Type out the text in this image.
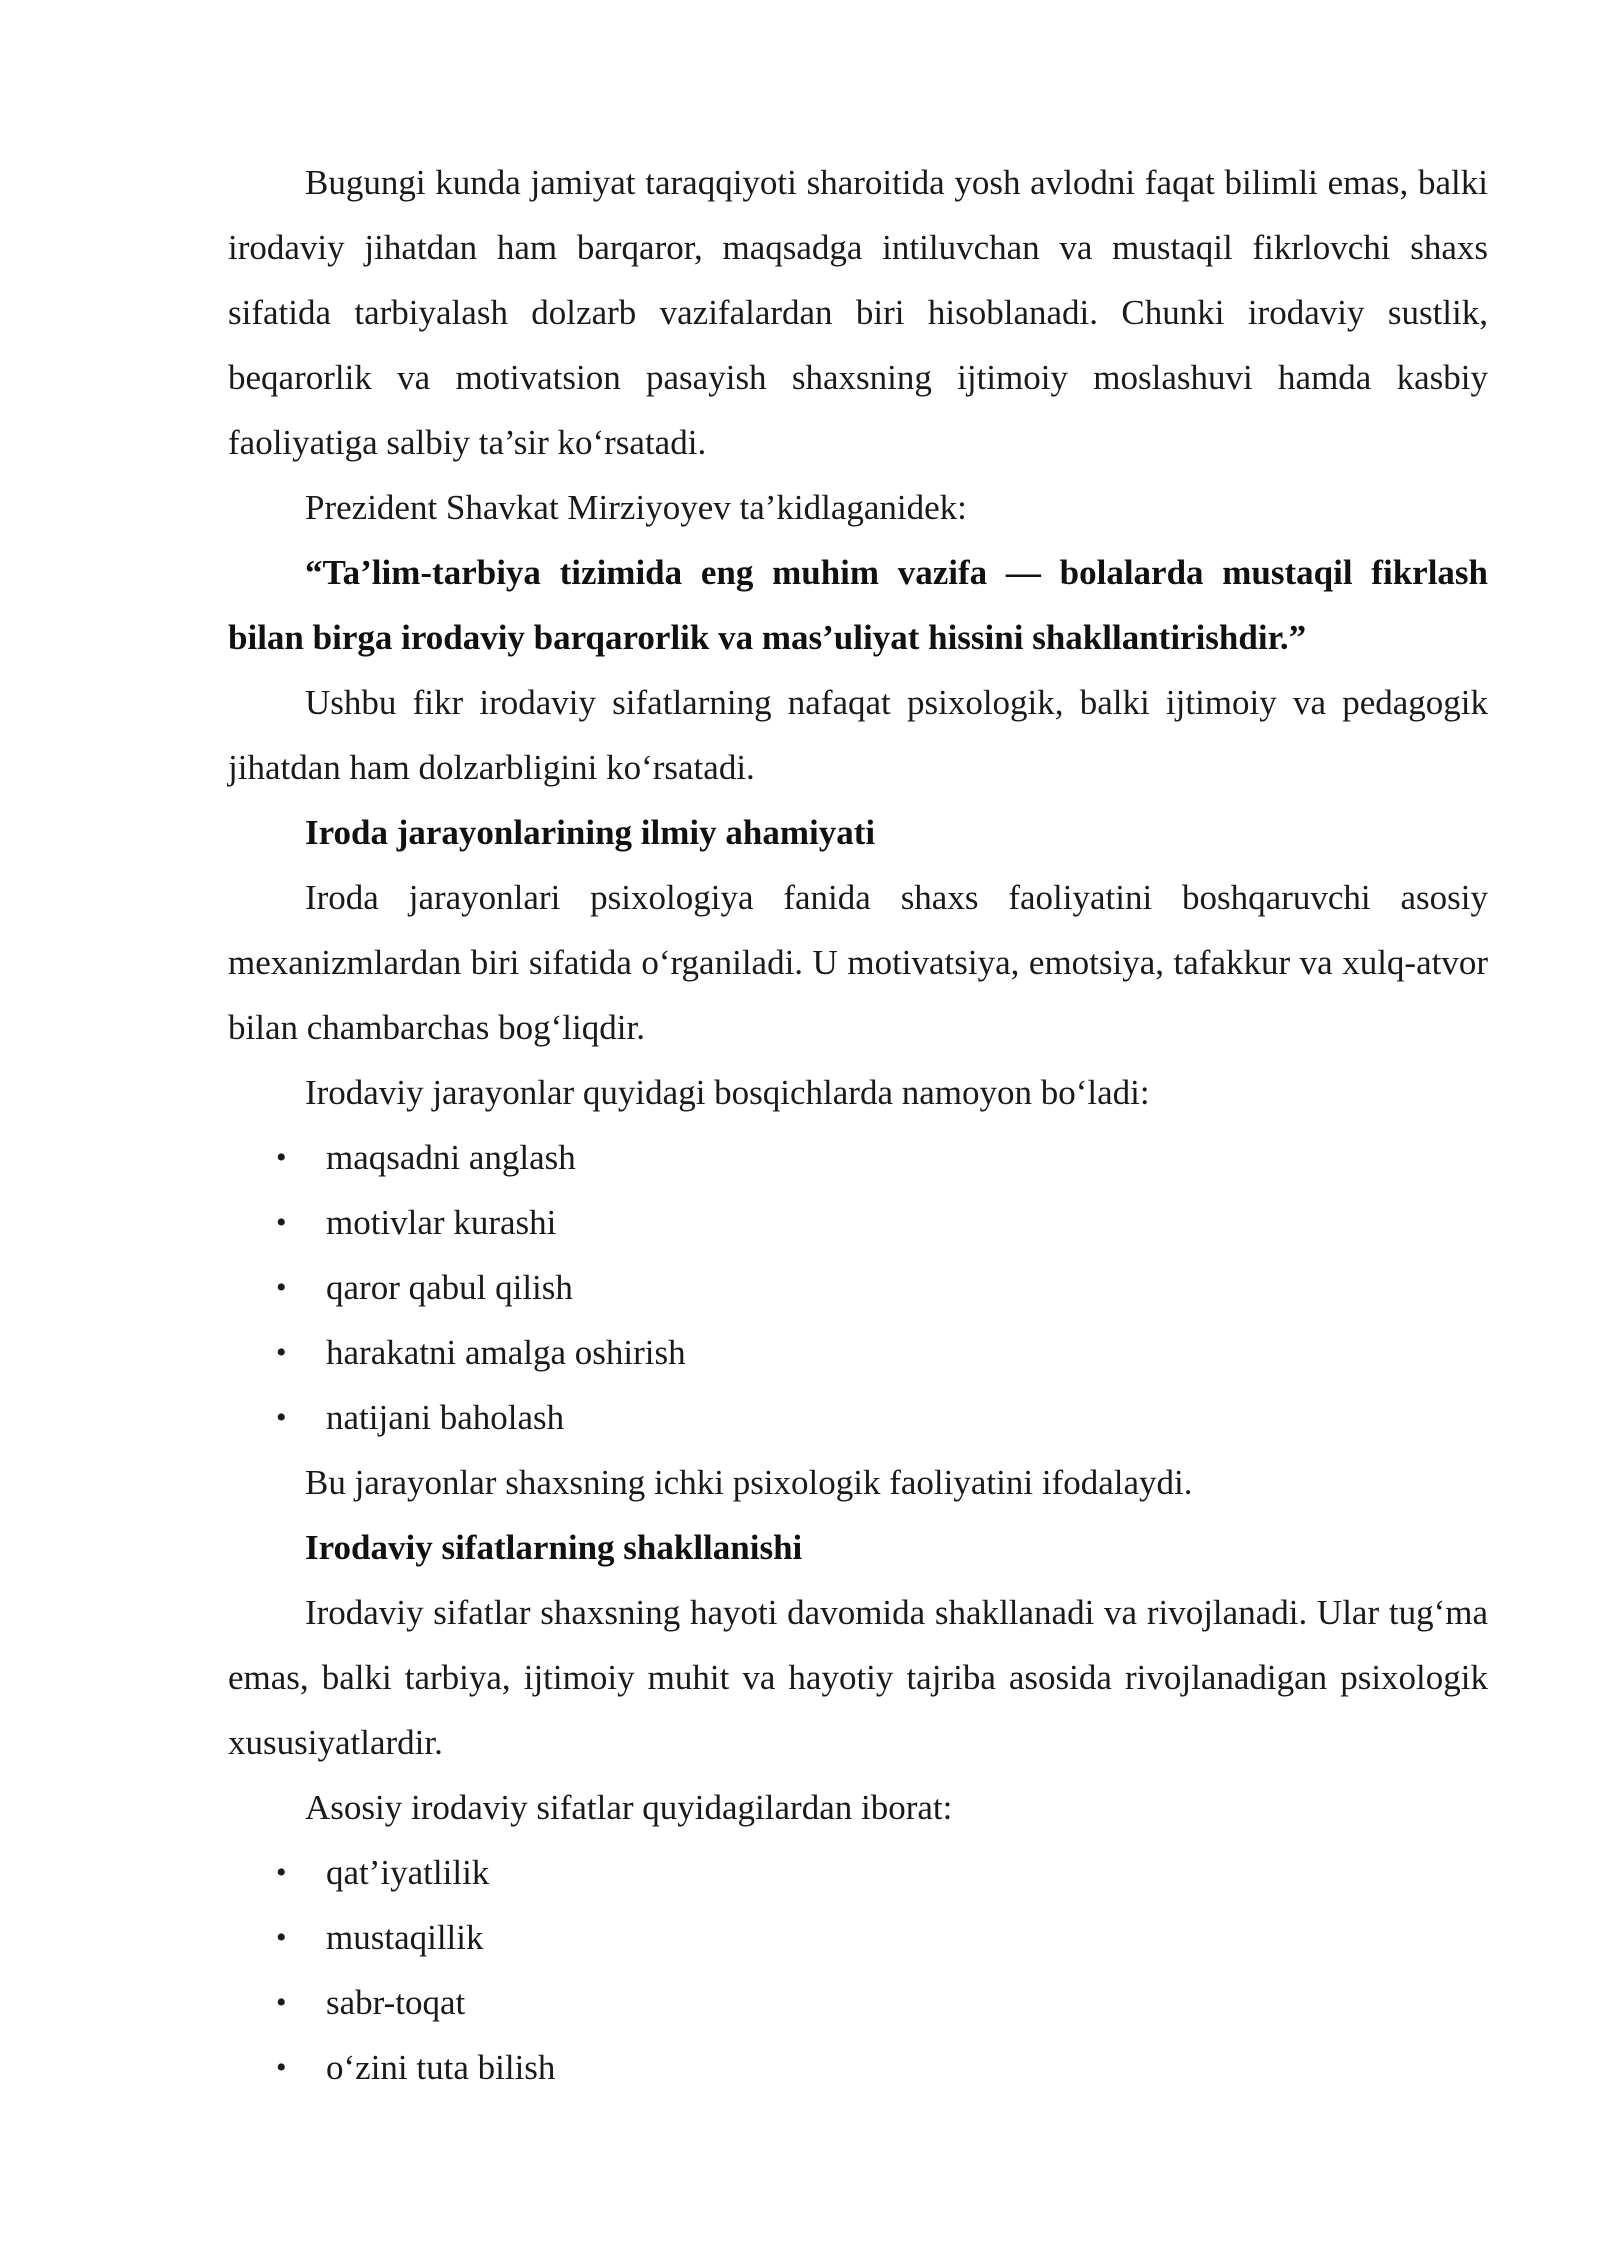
Bugungi kunda jamiyat taraqqiyoti sharoitida yosh avlodni faqat bilimli emas, balki irodaviy jihatdan ham barqaror, maqsadga intiluvchan va mustaqil fikrlovchi shaxs sifatida tarbiyalash dolzarb vazifalardan biri hisoblanadi. Chunki irodaviy sustlik, beqarorlik va motivatsion pasayish shaxsning ijtimoiy moslashuvi hamda kasbiy faoliyatiga salbiy ta’sir ko‘rsatadi.

Prezident Shavkat Mirziyoyev ta’kidlaganidek:

“Ta’lim-tarbiya tizimida eng muhim vazifa — bolalarda mustaqil fikrlash bilan birga irodaviy barqarorlik va mas’uliyat hissini shakllantirishdir.”

Ushbu fikr irodaviy sifatlarning nafaqat psixologik, balki ijtimoiy va pedagogik jihatdan ham dolzarbligini ko‘rsatadi.

Iroda jarayonlarining ilmiy ahamiyati

Iroda jarayonlari psixologiya fanida shaxs faoliyatini boshqaruvchi asosiy mexanizmlardan biri sifatida o‘rganiladi. U motivatsiya, emotsiya, tafakkur va xulq-atvor bilan chambarchas bog‘liqdir.

Irodaviy jarayonlar quyidagi bosqichlarda namoyon bo‘ladi:

• maqsadni anglash
• motivlar kurashi
• qaror qabul qilish
• harakatni amalga oshirish
• natijani baholash

Bu jarayonlar shaxsning ichki psixologik faoliyatini ifodalaydi.

Irodaviy sifatlarning shakllanishi

Irodaviy sifatlar shaxsning hayoti davomida shakllanadi va rivojlanadi. Ular tug‘ma emas, balki tarbiya, ijtimoiy muhit va hayotiy tajriba asosida rivojlanadigan psixologik xususiyatlardir.

Asosiy irodaviy sifatlar quyidagilardan iborat:

• qat’iyatlilik
• mustaqillik
• sabr-toqat
• o‘zini tuta bilish
